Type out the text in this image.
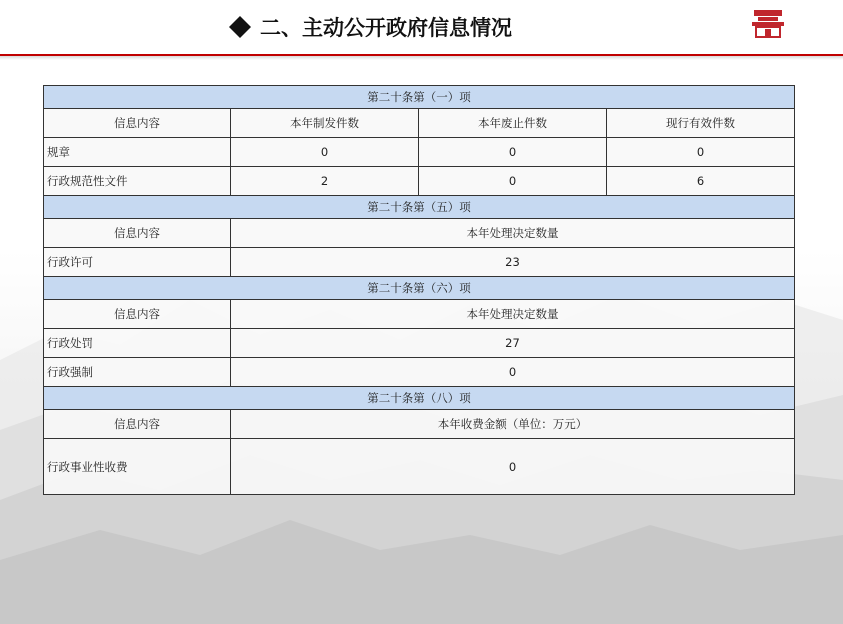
二、主动公开政府信息情况
第二十条第（一）项			
信息内容	本年制发件数	本年废止件数	现行有效件数
规章	0	0	0
行政规范性文件	2	0	6
第二十条第（五）项			
信息内容	本年处理决定数量		
行政许可	23		
第二十条第（六）项			
信息内容	本年处理决定数量		
行政处罚	27		
行政强制	0		
第二十条第（八）项			
信息内容	本年收费金额（单位：万元）		
行政事业性收费	0		
